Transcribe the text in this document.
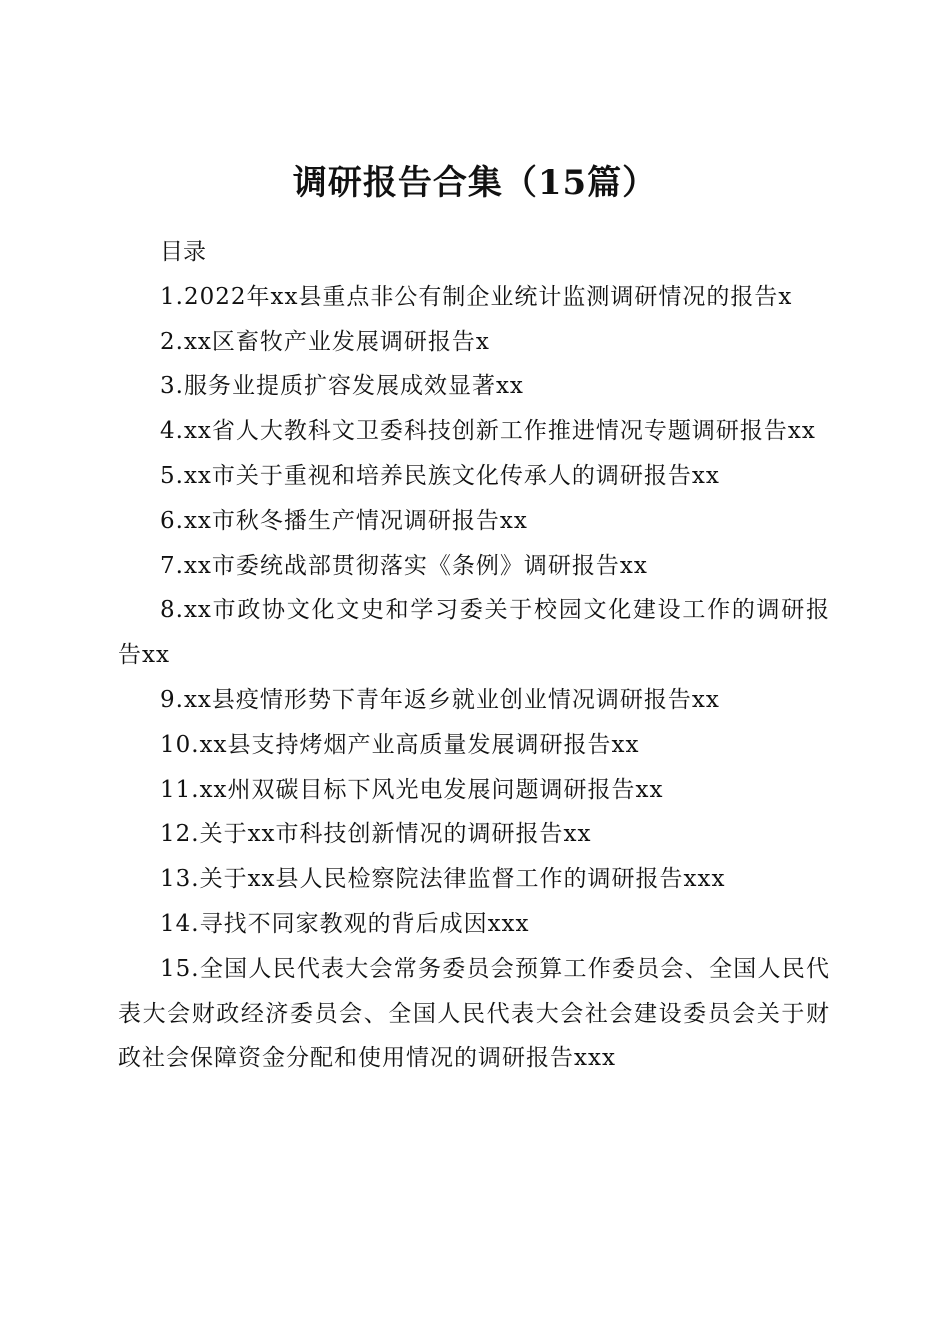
调研报告合集（15篇）

目录

1.2022年xx县重点非公有制企业统计监测调研情况的报告x
2.xx区畜牧产业发展调研报告x
3.服务业提质扩容发展成效显著xx
4.xx省人大教科文卫委科技创新工作推进情况专题调研报告xx
5.xx市关于重视和培养民族文化传承人的调研报告xx
6.xx市秋冬播生产情况调研报告xx
7.xx市委统战部贯彻落实《条例》调研报告xx
8.xx市政协文化文史和学习委关于校园文化建设工作的调研报告xx
9.xx县疫情形势下青年返乡就业创业情况调研报告xx
10.xx县支持烤烟产业高质量发展调研报告xx
11.xx州双碳目标下风光电发展问题调研报告xx
12.关于xx市科技创新情况的调研报告xx
13.关于xx县人民检察院法律监督工作的调研报告xxx
14.寻找不同家教观的背后成因xxx
15.全国人民代表大会常务委员会预算工作委员会、全国人民代表大会财政经济委员会、全国人民代表大会社会建设委员会关于财政社会保障资金分配和使用情况的调研报告xxx
